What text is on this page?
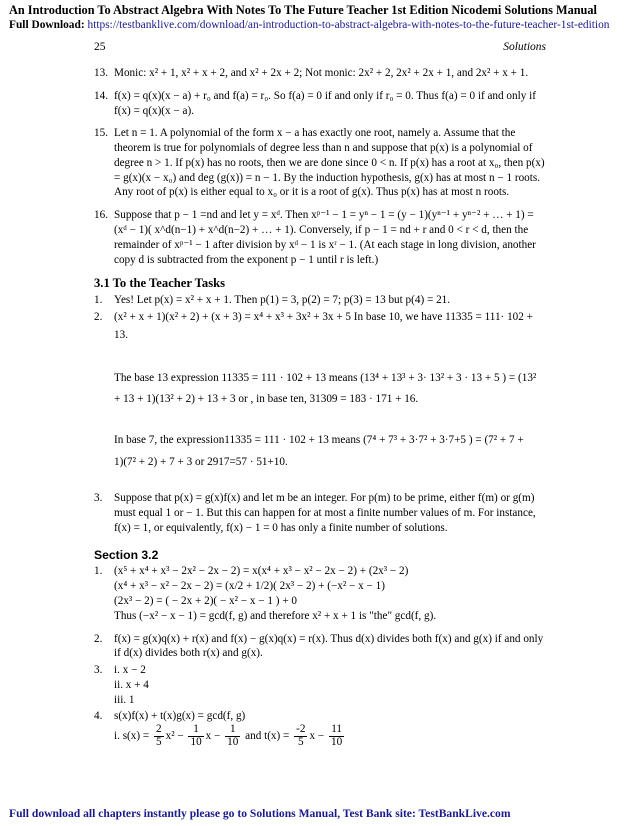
An Introduction To Abstract Algebra With Notes To The Future Teacher 1st Edition Nicodemi Solutions Manual
Full Download: https://testbanklive.com/download/an-introduction-to-abstract-algebra-with-notes-to-the-future-teacher-1st-edition
25	Solutions
13. Monic: x² + 1, x² + x + 2, and x² + 2x + 2; Not monic: 2x² + 2, 2x² + 2x + 1, and 2x² + x + 1.
14. f(x) = q(x)(x − a) + r₀ and f(a) = r₀. So f(a) = 0 if and only if r₀ = 0. Thus f(a) = 0 if and only if f(x) = q(x)(x − a).
15. Let n = 1. A polynomial of the form x − a has exactly one root, namely a. Assume that the theorem is true for polynomials of degree less than n and suppose that p(x) is a polynomial of degree n > 1. If p(x) has no roots, then we are done since 0 < n. If p(x) has a root at x₀, then p(x) = g(x)(x − x₀) and deg (g(x)) = n − 1. By the induction hypothesis, g(x) has at most n − 1 roots. Any root of p(x) is either equal to x₀ or it is a root of g(x). Thus p(x) has at most n roots.
16. Suppose that p − 1 =nd and let y = xᵈ. Then xᵖ⁻¹ − 1 = yⁿ − 1 = (y − 1)(yⁿ⁻¹ + yⁿ⁻² + … + 1) = (xᵈ − 1)( x^d(n−1) + x^d(n−2) + … + 1). Conversely, if p − 1 = nd + r and 0 < r < d, then the remainder of xᵖ⁻¹ − 1 after division by xᵈ − 1 is xʳ − 1. (At each stage in long division, another copy d is subtracted from the exponent p − 1 until r is left.)
3.1 To the Teacher Tasks
1. Yes! Let p(x) = x² + x + 1. Then p(1) = 3, p(2) = 7; p(3) = 13 but p(4) = 21.
2. (x² + x + 1)(x² + 2) + (x + 3) = x⁴ + x³ + 3x² + 3x + 5 In base 10, we have 11335 = 111· 102 +
13.
The base 13 expression 11335 = 111 · 102 + 13 means (13⁴ + 13³ + 3· 13² + 3 · 13 + 5 ) = (13²
+ 13 + 1)(13² + 2) + 13 + 3 or , in base ten, 31309 = 183 · 171 + 16.
In base 7, the expression11335 = 111 · 102 + 13 means (7⁴ + 7³ + 3·7² + 3·7+5 ) = (7² + 7 +
1)(7² + 2) + 7 + 3 or 2917=57 · 51+10.
3. Suppose that p(x) = g(x)f(x) and let m be an integer. For p(m) to be prime, either f(m) or g(m) must equal 1 or − 1. But this can happen for at most a finite number values of m. For instance, f(x) = 1, or equivalently, f(x) − 1 = 0 has only a finite number of solutions.
Section 3.2
1. (x⁵ + x⁴ + x³ − 2x² − 2x − 2) = x(x⁴ + x³ − x² − 2x − 2) + (2x³ − 2)
(x⁴ + x³ − x² − 2x − 2) = (x/2 + 1/2)( 2x³ − 2) + (−x² − x − 1)
(2x³ − 2) = ( − 2x + 2)( − x² − x − 1 ) + 0
Thus (−x² − x − 1) = gcd(f, g) and therefore x² + x + 1 is "the" gcd(f, g).
2. f(x) = g(x)q(x) + r(x) and f(x) − g(x)q(x) = r(x). Thus d(x) divides both f(x) and g(x) if and only if d(x) divides both r(x) and g(x).
3. i. x − 2
ii. x + 4
iii. 1
4. s(x)f(x) + t(x)g(x) = gcd(f, g)
i. $s(x) = \frac{2}{5} x^2 - \frac{1}{10}$ $x - \frac{1}{10}$ and $t(x) = \frac{-2}{5}$ $x - \frac{11}{10}$
Full download all chapters instantly please go to Solutions Manual, Test Bank site: TestBankLive.com
